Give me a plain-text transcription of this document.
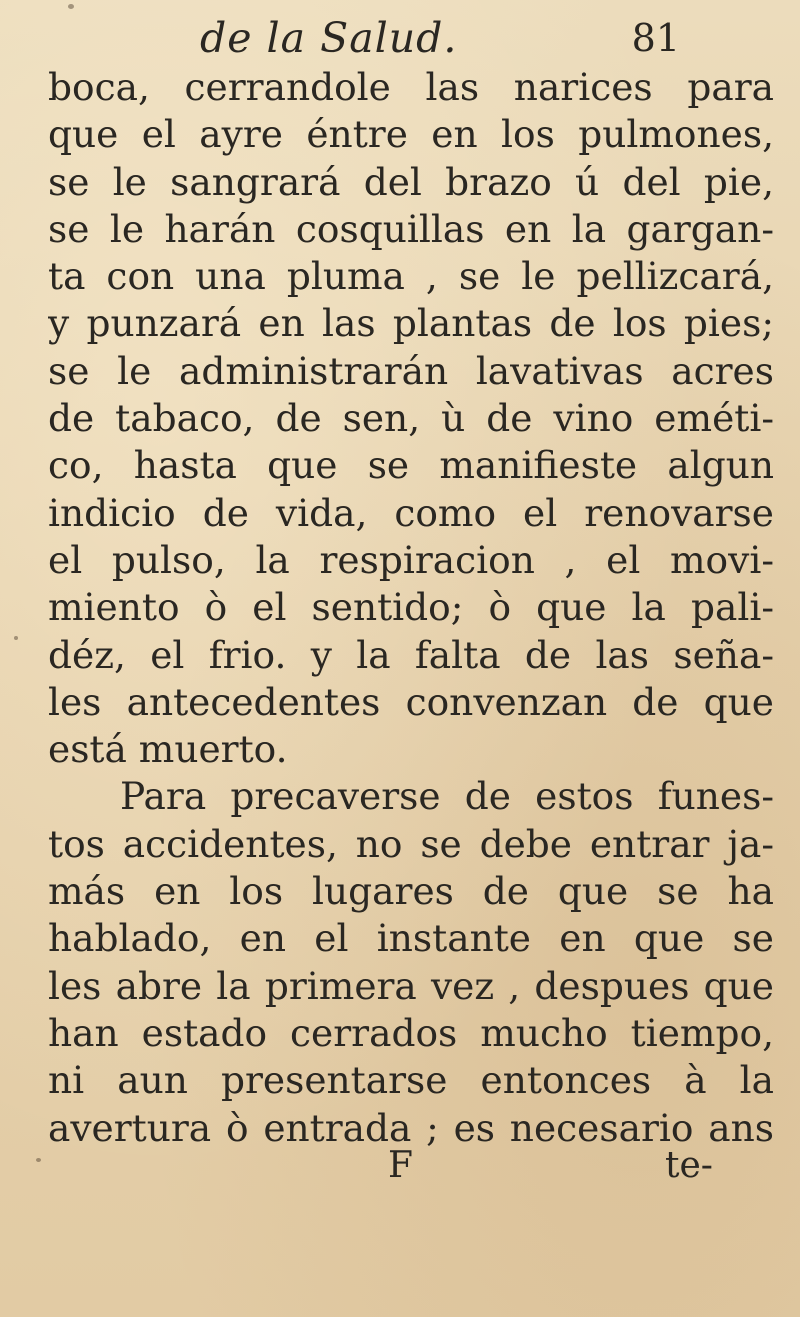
de la Salud.	81
boca, cerrandole las narices para
que el ayre éntre en los pulmones,
se le sangrará del brazo ú del pie,
se le harán cosquillas en la gargan-
ta con una pluma , se le pellizcará,
y punzará en las plantas de los pies;
se le administrarán lavativas acres
de tabaco, de sen, ù de vino eméti-
co, hasta que se manifieste algun
indicio de vida, como el renovarse
el pulso, la respiracion , el movi-
miento ò el sentido; ò que la pali-
déz, el frio. y la falta de las seña-
les antecedentes convenzan de que
está muerto.
Para precaverse de estos funes-
tos accidentes, no se debe entrar ja-
más en los lugares de que se ha
hablado, en el instante en que se
les abre la primera vez , despues que
han estado cerrados mucho tiempo,
ni aun presentarse entonces à la
avertura ò entrada ; es necesario ans
F	te-
